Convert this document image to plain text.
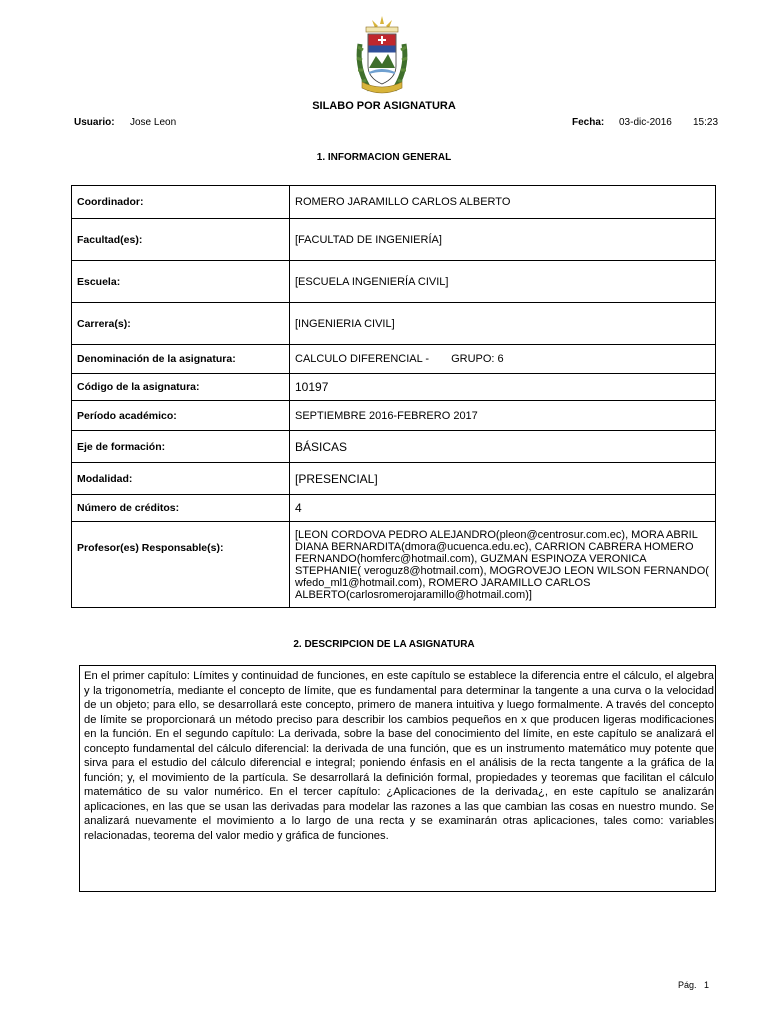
SILABO POR ASIGNATURA
Usuario: Jose Leon	Fecha: 03-dic-2016 15:23
1. INFORMACION GENERAL
Coordinador:	ROMERO JARAMILLO CARLOS ALBERTO
Facultad(es):	[FACULTAD DE INGENIERÍA]
Escuela:	[ESCUELA INGENIERÍA CIVIL]
Carrera(s):	[INGENIERIA CIVIL]
Denominación de la asignatura:	CALCULO DIFERENCIAL - GRUPO: 6
Código de la asignatura:	10197
Período académico:	SEPTIEMBRE 2016-FEBRERO 2017
Eje de formación:	BÁSICAS
Modalidad:	[PRESENCIAL]
Número de créditos:	4
Profesor(es) Responsable(s):	[LEON CORDOVA PEDRO ALEJANDRO(pleon@centrosur.com.ec), MORA ABRIL DIANA BERNARDITA(dmora@ucuenca.edu.ec), CARRION CABRERA HOMERO FERNANDO(homferc@hotmail.com), GUZMAN ESPINOZA VERONICA STEPHANIE( veroguz8@hotmail.com), MOGROVEJO LEON WILSON FERNANDO( wfedo_ml1@hotmail.com), ROMERO JARAMILLO CARLOS ALBERTO(carlosromerojaramillo@hotmail.com)]
2. DESCRIPCION DE LA ASIGNATURA
En el primer capítulo: Límites y continuidad de funciones, en este capítulo se establece la diferencia entre el cálculo, el algebra y la trigonometría, mediante el concepto de límite, que es fundamental para determinar la tangente a una curva o la velocidad de un objeto; para ello, se desarrollará este concepto, primero de manera intuitiva y luego formalmente. A través del concepto de límite se proporcionará un método preciso para describir los cambios pequeños en x que producen ligeras modificaciones en la función. En el segundo capítulo: La derivada, sobre la base del conocimiento del límite, en este capítulo se analizará el concepto fundamental del cálculo diferencial: la derivada de una función, que es un instrumento matemático muy potente que sirva para el estudio del cálculo diferencial e integral; poniendo énfasis en el análisis de la recta tangente a la gráfica de la función; y, el movimiento de la partícula. Se desarrollará la definición formal, propiedades y teoremas que facilitan el cálculo matemático de su valor numérico. En el tercer capítulo: ¿Aplicaciones de la derivada¿, en este capítulo se analizarán aplicaciones, en las que se usan las derivadas para modelar las razones a las que cambian las cosas en nuestro mundo. Se analizará nuevamente el movimiento a lo largo de una recta y se examinarán otras aplicaciones, tales como: variables relacionadas, teorema del valor medio y gráfica de funciones.
Pág. 1
